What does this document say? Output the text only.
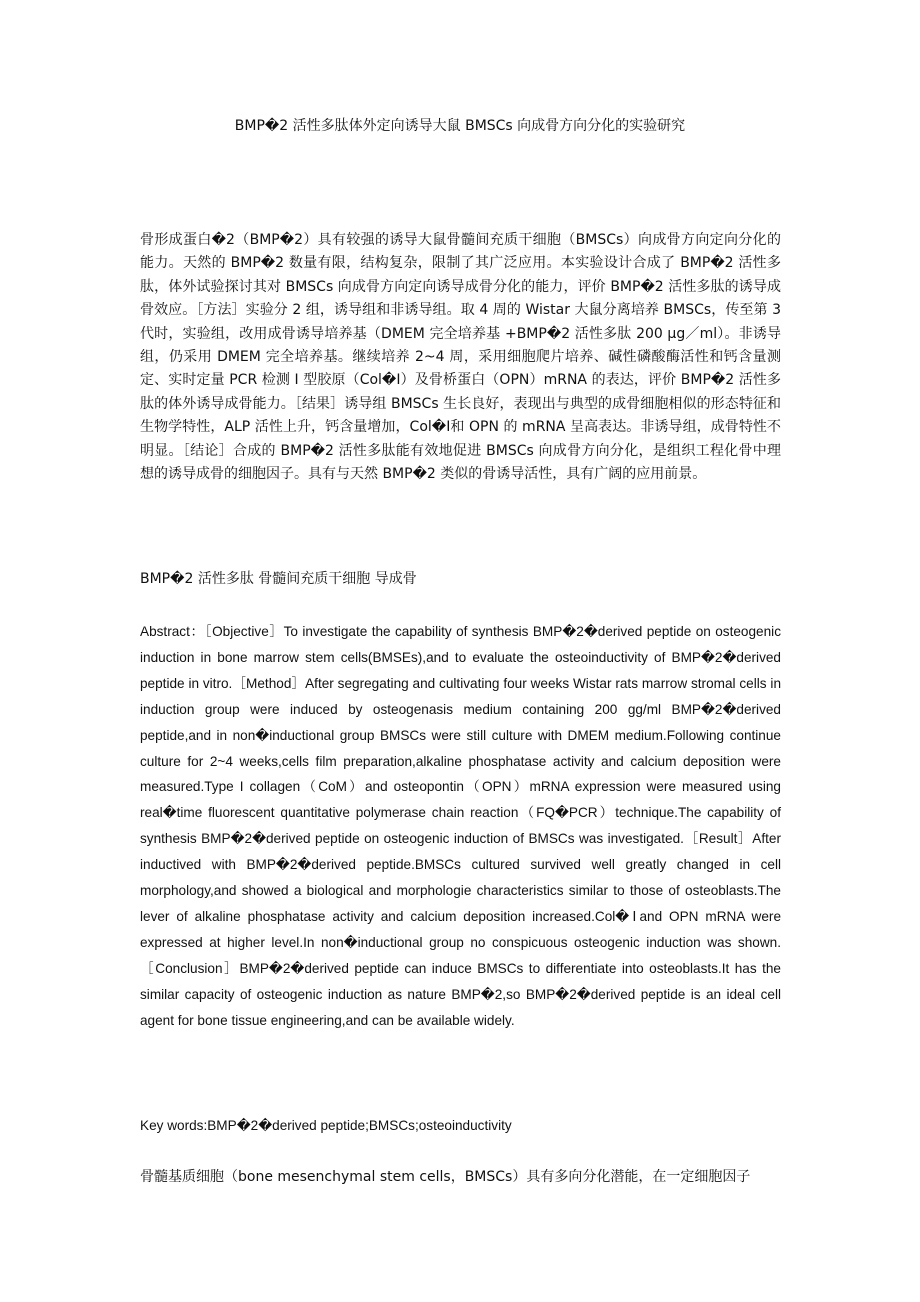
BMP�2 活性多肽体外定向诱导大鼠 BMSCs 向成骨方向分化的实验研究

骨形成蛋白�2（BMP�2）具有较强的诱导大鼠骨髓间充质干细胞（BMSCs）向成骨方向定向分化的能力。天然的 BMP�2 数量有限，结构复杂，限制了其广泛应用。本实验设计合成了 BMP�2 活性多肽，体外试验探讨其对 BMSCs 向成骨方向定向诱导成骨分化的能力，评价 BMP�2 活性多肽的诱导成骨效应。［方法］实验分 2 组，诱导组和非诱导组。取 4 周的 Wistar 大鼠分离培养 BMSCs，传至第 3 代时，实验组，改用成骨诱导培养基（DMEM 完全培养基 +BMP�2 活性多肽 200 μg／ml）。非诱导组，仍采用 DMEM 完全培养基。继续培养 2~4 周，采用细胞爬片培养、碱性磷酸酶活性和钙含量测定、实时定量 PCR 检测 I 型胶原（Col�Ⅰ）及骨桥蛋白（OPN）mRNA 的表达，评价 BMP�2 活性多肽的体外诱导成骨能力。［结果］诱导组 BMSCs 生长良好，表现出与典型的成骨细胞相似的形态特征和生物学特性，ALP 活性上升，钙含量增加，Col�Ⅰ和 OPN 的 mRNA 呈高表达。非诱导组，成骨特性不明显。［结论］合成的 BMP�2 活性多肽能有效地促进 BMSCs 向成骨方向分化，是组织工程化骨中理想的诱导成骨的细胞因子。具有与天然 BMP�2 类似的骨诱导活性，具有广阔的应用前景。

BMP�2 活性多肽 骨髓间充质干细胞 导成骨

Abstract：［Objective］To investigate the capability of synthesis BMP�2�derived peptide on osteogenic induction in bone marrow stem cells(BMSEs),and to evaluate the osteoinductivity of BMP�2�derived peptide in vitro.［Method］After segregating and cultivating four weeks Wistar rats marrow stromal cells in induction group were induced by osteogenasis medium containing 200 gg/ml BMP�2�derived peptide,and in non�inductional group BMSCs were still culture with DMEM medium.Following continue culture for 2~4 weeks,cells film preparation,alkaline phosphatase activity and calcium deposition were measured.Type I collagen（CoM）and osteopontin（OPN）mRNA expression were measured using real�time fluorescent quantitative polymerase chain reaction（FQ�PCR）technique.The capability of synthesis BMP�2�derived peptide on osteogenic induction of BMSCs was investigated.［Result］After inductived with BMP�2�derived peptide.BMSCs cultured survived well greatly changed in cell morphology,and showed a biological and morphologie characteristics similar to those of osteoblasts.The lever of alkaline phosphatase activity and calcium deposition increased.Col�Ⅰand OPN mRNA were expressed at higher level.In non�inductional group no conspicuous osteogenic induction was shown.［Conclusion］BMP�2�derived peptide can induce BMSCs to differentiate into osteoblasts.It has the similar capacity of osteogenic induction as nature BMP�2,so BMP�2�derived peptide is an ideal cell agent for bone tissue engineering,and can be available widely.

Key words:BMP�2�derived peptide;BMSCs;osteoinductivity

骨髓基质细胞（bone mesenchymal stem cells，BMSCs）具有多向分化潜能，在一定细胞因子
